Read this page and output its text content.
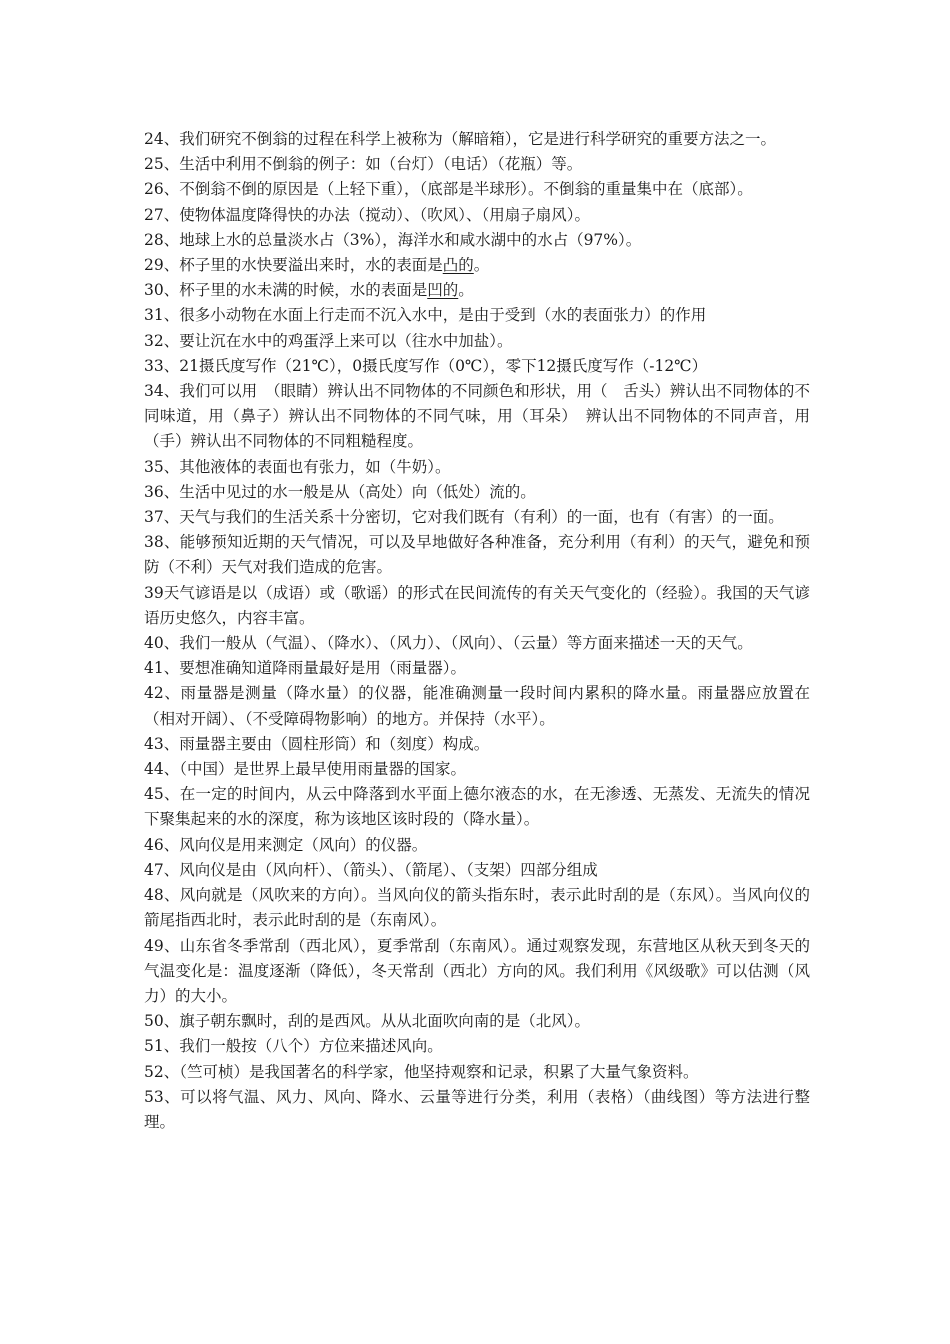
24、我们研究不倒翁的过程在科学上被称为（解暗箱），它是进行科学研究的重要方法之一。

25、生活中利用不倒翁的例子：如（台灯）（电话）（花瓶）等。

26、不倒翁不倒的原因是（上轻下重），（底部是半球形）。不倒翁的重量集中在（底部）。

27、使物体温度降得快的办法（搅动）、（吹风）、（用扇子扇风）。

28、地球上水的总量淡水占（3%），海洋水和咸水湖中的水占（97%）。

29、杯子里的水快要溢出来时，水的表面是凸的。

30、杯子里的水未满的时候，水的表面是凹的。

31、很多小动物在水面上行走而不沉入水中，是由于受到（水的表面张力）的作用

32、要让沉在水中的鸡蛋浮上来可以（往水中加盐）。

33、21摄氏度写作（21℃），0摄氏度写作（0℃），零下12摄氏度写作（-12℃）

34、我们可以用　（眼睛）辨认出不同物体的不同颜色和形状，用（　舌头）辨认出不同物体的不同味道，用（鼻子）辨认出不同物体的不同气味，用（耳朵）　辨认出不同物体的不同声音，用（手）辨认出不同物体的不同粗糙程度。

35、其他液体的表面也有张力，如（牛奶）。

36、生活中见过的水一般是从（高处）向（低处）流的。

37、天气与我们的生活关系十分密切，它对我们既有（有利）的一面，也有（有害）的一面。

38、能够预知近期的天气情况，可以及早地做好各种准备，充分利用（有利）的天气，避免和预防（不利）天气对我们造成的危害。

39天气谚语是以（成语）或（歌谣）的形式在民间流传的有关天气变化的（经验）。我国的天气谚语历史悠久，内容丰富。

40、我们一般从（气温）、（降水）、（风力）、（风向）、（云量）等方面来描述一天的天气。

41、要想准确知道降雨量最好是用（雨量器）。

42、雨量器是测量（降水量）的仪器，能准确测量一段时间内累积的降水量。雨量器应放置在（相对开阔）、（不受障碍物影响）的地方。并保持（水平）。

43、雨量器主要由（圆柱形筒）和（刻度）构成。

44、（中国）是世界上最早使用雨量器的国家。

45、在一定的时间内，从云中降落到水平面上德尔液态的水，在无渗透、无蒸发、无流失的情况下聚集起来的水的深度，称为该地区该时段的（降水量）。

46、风向仪是用来测定（风向）的仪器。

47、风向仪是由（风向杆）、（箭头）、（箭尾）、（支架）四部分组成

48、风向就是（风吹来的方向）。当风向仪的箭头指东时，表示此时刮的是（东风）。当风向仪的箭尾指西北时，表示此时刮的是（东南风）。

49、山东省冬季常刮（西北风），夏季常刮（东南风）。通过观察发现，东营地区从秋天到冬天的气温变化是：温度逐渐（降低），冬天常刮（西北）方向的风。我们利用《风级歌》可以估测（风力）的大小。

50、旗子朝东飘时，刮的是西风。从从北面吹向南的是（北风）。

51、我们一般按（八个）方位来描述风向。

52、（竺可桢）是我国著名的科学家，他坚持观察和记录，积累了大量气象资料。

53、可以将气温、风力、风向、降水、云量等进行分类，利用（表格）（曲线图）等方法进行整理。
